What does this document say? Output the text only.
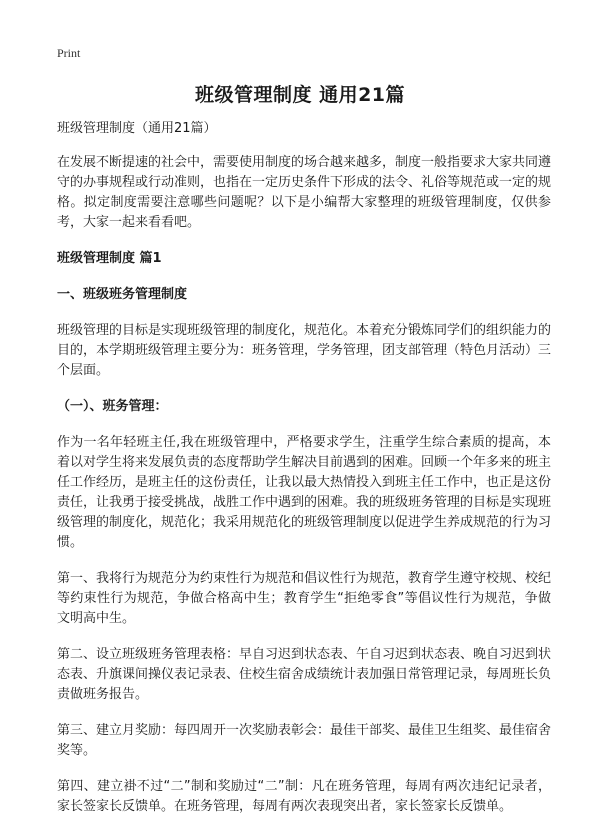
Print
班级管理制度 通用21篇
班级管理制度（通用21篇）

在发展不断提速的社会中，需要使用制度的场合越来越多，制度一般指要求大家共同遵守的办事规程或行动准则，也指在一定历史条件下形成的法令、礼俗等规范或一定的规格。拟定制度需要注意哪些问题呢？以下是小编帮大家整理的班级管理制度，仅供参考，大家一起来看看吧。

班级管理制度 篇1
一、班级班务管理制度

班级管理的目标是实现班级管理的制度化，规范化。本着充分锻炼同学们的组织能力的目的，本学期班级管理主要分为：班务管理，学务管理，团支部管理（特色月活动）三个层面。

（一）、班务管理：

作为一名年轻班主任,我在班级管理中，严格要求学生，注重学生综合素质的提高，本着以对学生将来发展负责的态度帮助学生解决目前遇到的困难。回顾一个年多来的班主任工作经历，是班主任的这份责任，让我以最大热情投入到班主任工作中，也正是这份责任，让我勇于接受挑战，战胜工作中遇到的困难。我的班级班务管理的目标是实现班级管理的制度化，规范化；我采用规范化的班级管理制度以促进学生养成规范的行为习惯。

第一、我将行为规范分为约束性行为规范和倡议性行为规范，教育学生遵守校规、校纪等约束性行为规范，争做合格高中生；教育学生“拒绝零食”等倡议性行为规范，争做文明高中生。

第二、设立班级班务管理表格：早自习迟到状态表、午自习迟到状态表、晚自习迟到状态表、升旗课间操仪表记录表、住校生宿舍成绩统计表加强日常管理记录，每周班长负责做班务报告。

第三、建立月奖励：每四周开一次奖励表彰会：最佳干部奖、最佳卫生组奖、最佳宿舍奖等。

第四、建立褂不过“二”制和奖励过“二”制：凡在班务管理，每周有两次违纪记录者，家长签家长反馈单。在班务管理，每周有两次表现突出者，家长签家长反馈单。
